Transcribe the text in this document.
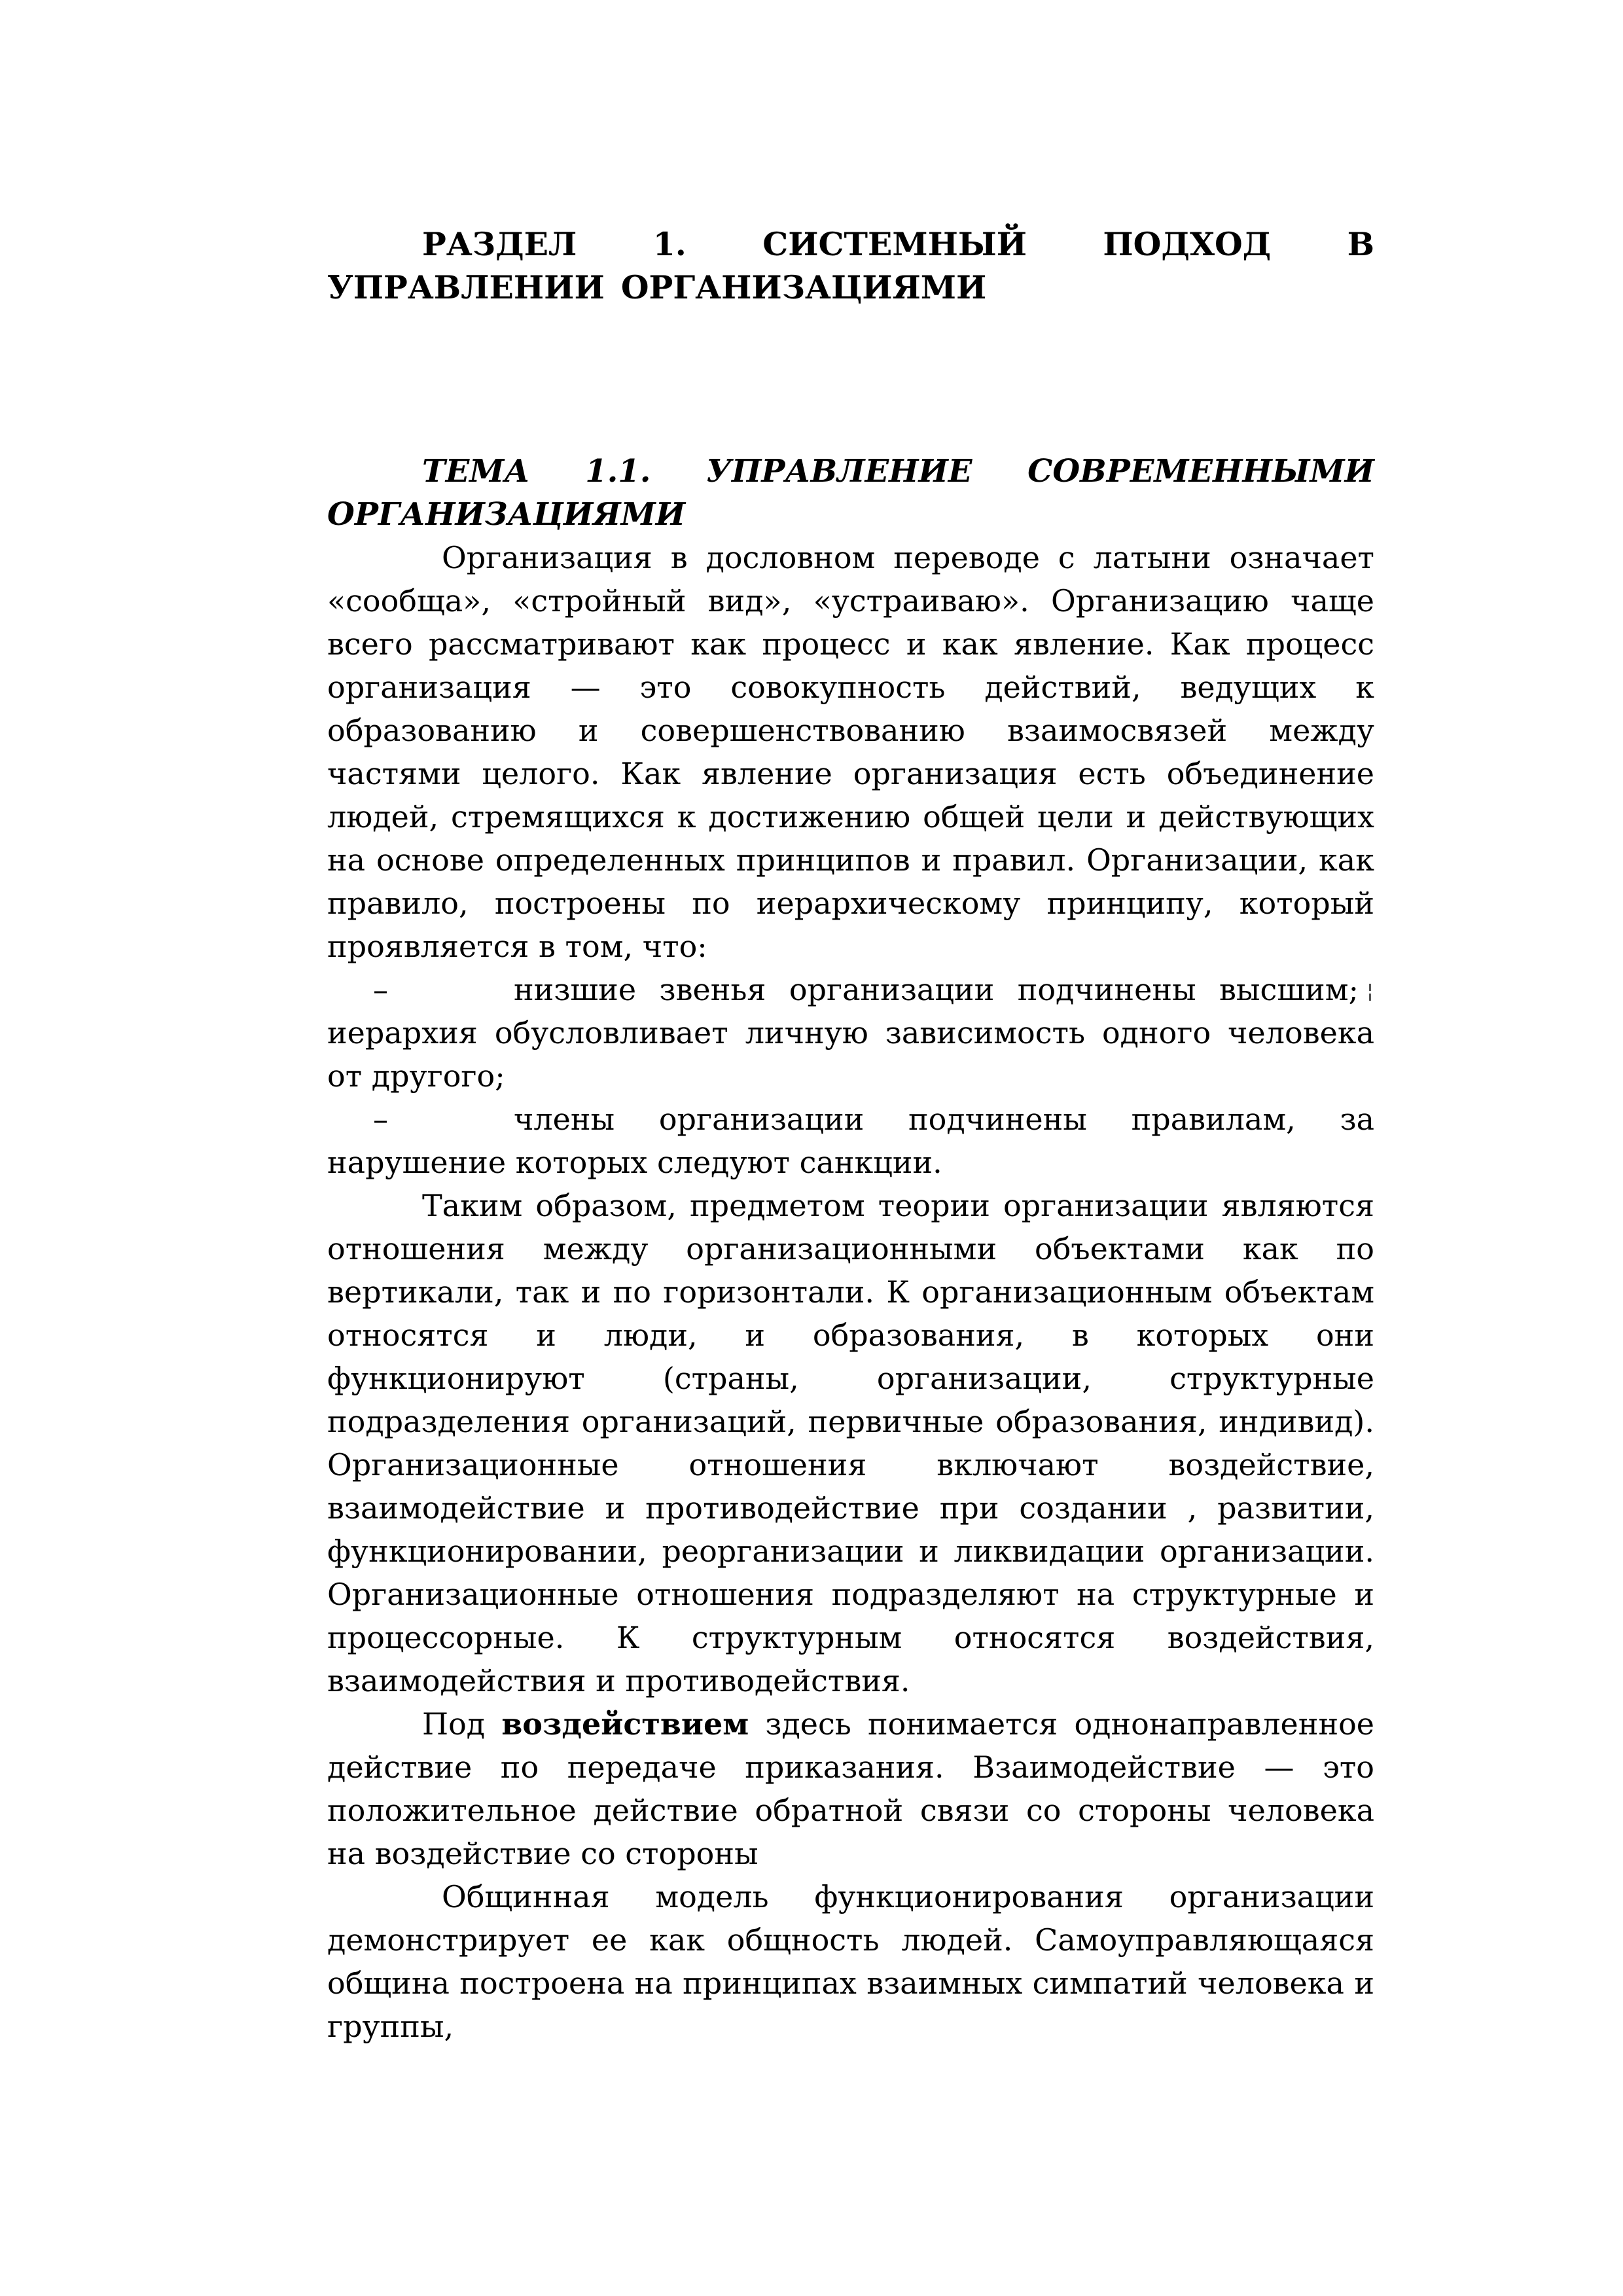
РАЗДЕЛ 1. СИСТЕМНЫЙ ПОДХОД В УПРАВЛЕНИИ ОРГАНИЗАЦИЯМИ
ТЕМА 1.1. УПРАВЛЕНИЕ СОВРЕМЕННЫМИ ОРГАНИЗАЦИЯМИ

Организация в дословном переводе с латыни означает «сообща», «стройный вид», «устраиваю». Организацию чаще всего рассматривают как процесс и как явление. Как процесс организация — это совокупность действий, ведущих к образованию и совершенствованию взаимосвязей между частями целого. Как явление организация есть объединение людей, стремящихся к достижению общей цели и действующих на основе определенных принципов и правил. Организации, как правило, построены по иерархическому принципу, который проявляется в том, что:

–	низшие звенья организации подчинены высшим;
иерархия обусловливает личную зависимость одного человека от другого;

–	члены организации подчинены правилам, за нарушение которых следуют санкции.

Таким образом, предметом теории организации являются отношения между организационными объектами как по вертикали, так и по горизонтали. К организационным объектам относятся и люди, и образования, в которых они функционируют (страны, организации, структурные подразделения организаций, первичные образования, индивид). Организационные отношения включают воздействие, взаимодействие и противодействие при создании , развитии, функционировании, реорганизации и ликвидации организации. Организационные отношения подразделяют на структурные и процессорные. К структурным относятся воздействия, взаимодействия и противодействия.

Под воздействием здесь понимается однонаправленное действие по передаче приказания. Взаимодействие — это положительное действие обратной связи со стороны человека на воздействие со стороны

Общинная модель функционирования организации демонстрирует ее как общность людей. Самоуправляющаяся община построена на принципах взаимных симпатий человека и группы,
